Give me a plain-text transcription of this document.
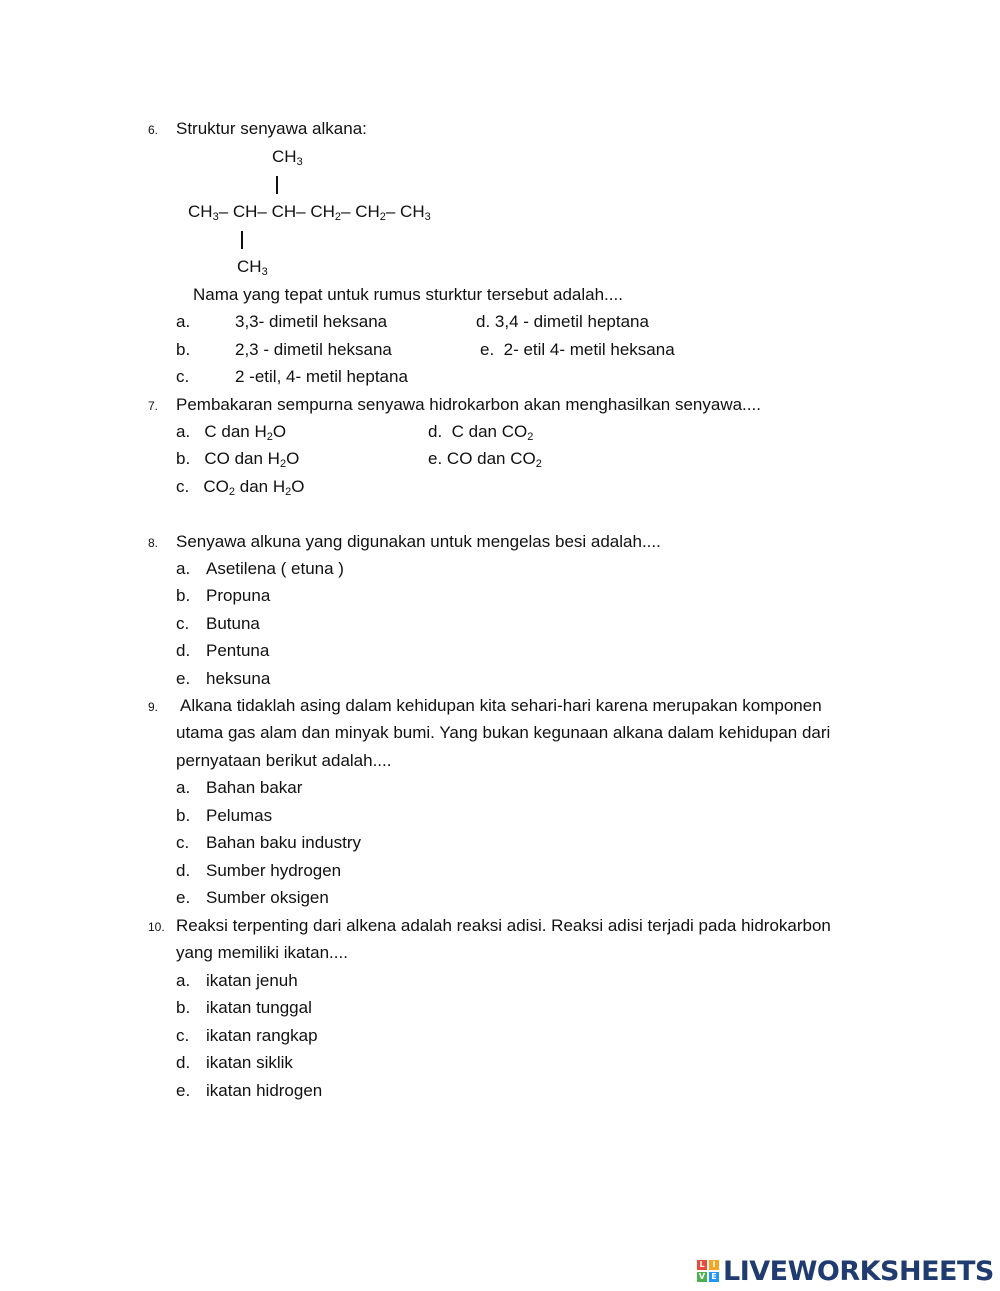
6. Struktur senyawa alkana:
$CH_3$
$CH_3-$ CH– CH– $CH_2-$ $CH_2-$ $CH_3$
$CH_3$
Nama yang tepat untuk rumus sturktur tersebut adalah....
a.	3,3- dimetil heksana	d. 3,4 - dimetil heptana
b.	2,3 - dimetil heksana	e. 2- etil 4- metil heksana
c.	2 -etil, 4- metil heptana
7. Pembakaran sempurna senyawa hidrokarbon akan menghasilkan senyawa....
a. C dan $H_2O$	d. C dan $CO_2$
b. CO dan $H_2O$	e. CO dan $CO_2$
c. $CO_2$ dan $H_2O$
8. Senyawa alkuna yang digunakan untuk mengelas besi adalah....
a. Asetilena ( etuna )
b. Propuna
c. Butuna
d. Pentuna
e. heksuna
9. Alkana tidaklah asing dalam kehidupan kita sehari-hari karena merupakan komponen
utama gas alam dan minyak bumi. Yang bukan kegunaan alkana dalam kehidupan dari
pernyataan berikut adalah....
a. Bahan bakar
b. Pelumas
c. Bahan baku industry
d. Sumber hydrogen
e. Sumber oksigen
10. Reaksi terpenting dari alkena adalah reaksi adisi. Reaksi adisi terjadi pada hidrokarbon
yang memiliki ikatan....
a. ikatan jenuh
b. ikatan tunggal
c. ikatan rangkap
d. ikatan siklik
e. ikatan hidrogen
L I
V E LIVEWORKSHEETS
